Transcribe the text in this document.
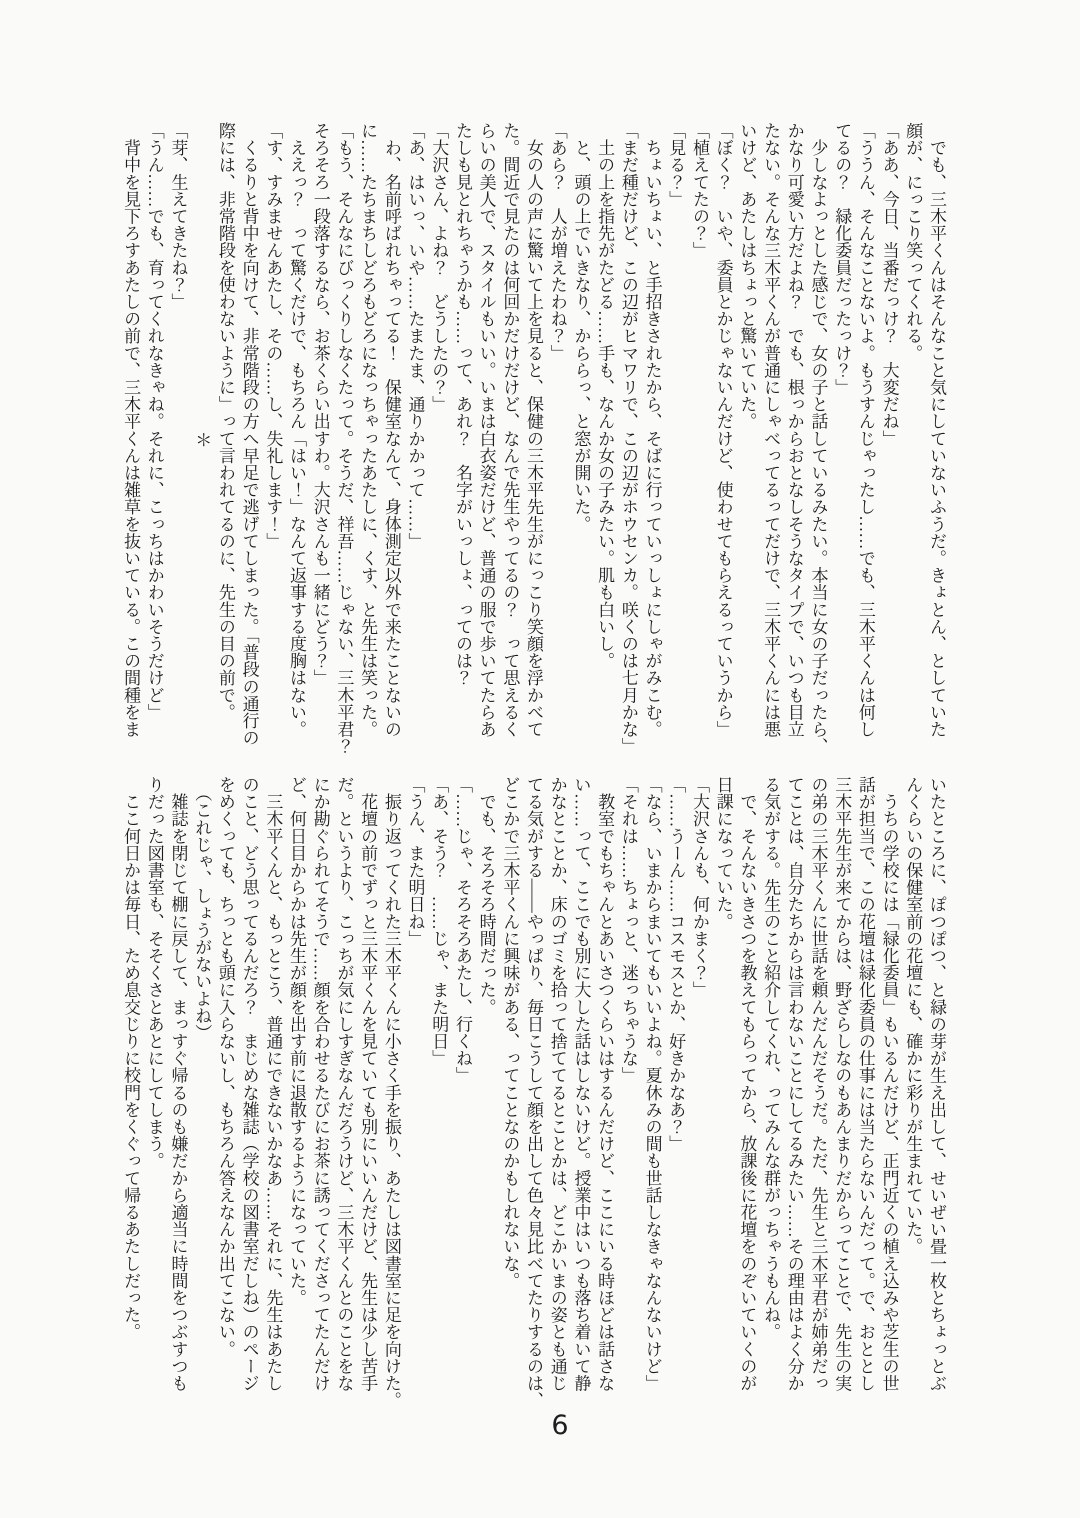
　でも、三木平くんはそんなこと気にしていないふうだ。きょとん、としていた

顔が、にっこり笑ってくれる。

「ああ、今日、当番だっけ？　大変だね」

「ううん、そんなことないよ。もうすんじゃったし……でも、三木平くんは何し

てるの？　緑化委員だったっけ？」

　少しなよっとした感じで、女の子と話しているみたい。本当に女の子だったら、

かなり可愛い方だよね？　でも、根っからおとなしそうなタイプで、いつも目立

たない。そんな三木平くんが普通にしゃべってるってだけで、三木平くんには悪

いけど、あたしはちょっと驚いていた。

「ぼく？　いや、委員とかじゃないんだけど、使わせてもらえるっていうから」

「植えてたの？」

「見る？」

　ちょいちょい、と手招きされたから、そばに行っていっしょにしゃがみこむ。

「まだ種だけど、この辺がヒマワリで、この辺がホウセンカ。咲くのは七月かな」

　土の上を指先がたどる……手も、なんか女の子みたい。肌も白いし。

　と、頭の上でいきなり、かららっ、と窓が開いた。

「あら？　人が増えたわね？」

　女の人の声に驚いて上を見ると、保健の三木平先生がにっこり笑顔を浮かべて

た。間近で見たのは何回かだけだけど、なんで先生やってるの？　って思えるく

らいの美人で、スタイルもいい。いまは白衣姿だけど、普通の服で歩いてたらあ

たしも見とれちゃうかも……って、あれ？　名字がいっしょ、ってのは？

「大沢さん、よね？　どうしたの？」

「あ、はいっ、いや……たまたま、通りかかって……」

　わ、名前呼ばれちゃってる！　保健室なんて、身体測定以外で来たことないの

に……たちまちしどろもどろになっちゃったあたしに、くす、と先生は笑った。

「もう、そんなにびっくりしなくたって。そうだ、祥吾……じゃない、三木平君？

そろそろ一段落するなら、お茶くらい出すわ。大沢さんも一緒にどう？」

　ええっ？　って驚くだけで、もちろん「はい！」なんて返事する度胸はない。

「す、すみませんあたし、その……し、失礼します！」

　くるりと背中を向けて、非常階段の方へ早足で逃げてしまった。「普段の通行の

際には、非常階段を使わないように」って言われてるのに、先生の目の前で。

＊

「芽、生えてきたね？」

「うん……でも、育ってくれなきゃね。それに、こっちはかわいそうだけど」

　背中を見下ろすあたしの前で、三木平くんは雑草を抜いている。この間種をま

いたところに、ぽつぽつ、と緑の芽が生え出して、せいぜい畳一枚とちょっとぶ

んくらいの保健室前の花壇にも、確かに彩りが生まれていた。

　うちの学校には「緑化委員」もいるんだけど、正門近くの植え込みや芝生の世

話が担当で、この花壇は緑化委員の仕事には当たらないんだって。で、おととし

三木平先生が来てからは、野ざらしなのもあんまりだからってことで、先生の実

の弟の三木平くんに世話を頼んだんだそうだ。ただ、先生と三木平君が姉弟だっ

てことは、自分たちからは言わないことにしてるみたい……その理由はよく分か

る気がする。先生のこと紹介してくれ、ってみんな群がっちゃうもんね。

　で、そんないきさつを教えてもらってから、放課後に花壇をのぞいていくのが

日課になっていた。

「大沢さんも、何かまく？」

「……うーん……コスモスとか、好きかなあ？」

「なら、いまからまいてもいいよね。夏休みの間も世話しなきゃなんないけど」

「それは……ちょっと、迷っちゃうな」

　教室でもちゃんとあいさつくらいはするんだけど、ここにいる時ほどは話さな

い……って、ここでも別に大した話はしないけど。授業中はいつも落ち着いて静

かなとことか、床のゴミを拾って捨ててるとことかは、どこかいまの姿とも通じ

てる気がする――やっぱり、毎日こうして顔を出して色々見比べてたりするのは、

どこかで三木平くんに興味がある、ってことなのかもしれないな。

　でも、そろそろ時間だった。

「……じゃ、そろそろあたし、行くね」

「あ、そう？　……じゃ、また明日」

「うん、また明日ね」

　振り返ってくれた三木平くんに小さく手を振り、あたしは図書室に足を向けた。

　花壇の前でずっと三木平くんを見ていても別にいいんだけど、先生は少し苦手

だ。というより、こっちが気にしすぎなんだろうけど、三木平くんとのことをな

にか勘ぐられてそうで……顔を合わせるたびにお茶に誘ってくださってたんだけ

ど、何日目からかは先生が顔を出す前に退散するようになっていた。

　三木平くんと、もっとこう、普通にできないかなあ……それに、先生はあたし

のこと、どう思ってるんだろ？　まじめな雑誌（学校の図書室だしね）のページ

をめくっても、ちっとも頭に入らないし、もちろん答えなんか出てこない。

　（これじゃ、しょうがないよね）

　雑誌を閉じて棚に戻して、まっすぐ帰るのも嫌だから適当に時間をつぶすつも

りだった図書室も、そそくさとあとにしてしまう。

　ここ何日かは毎日、ため息交じりに校門をくぐって帰るあたしだった。

6
